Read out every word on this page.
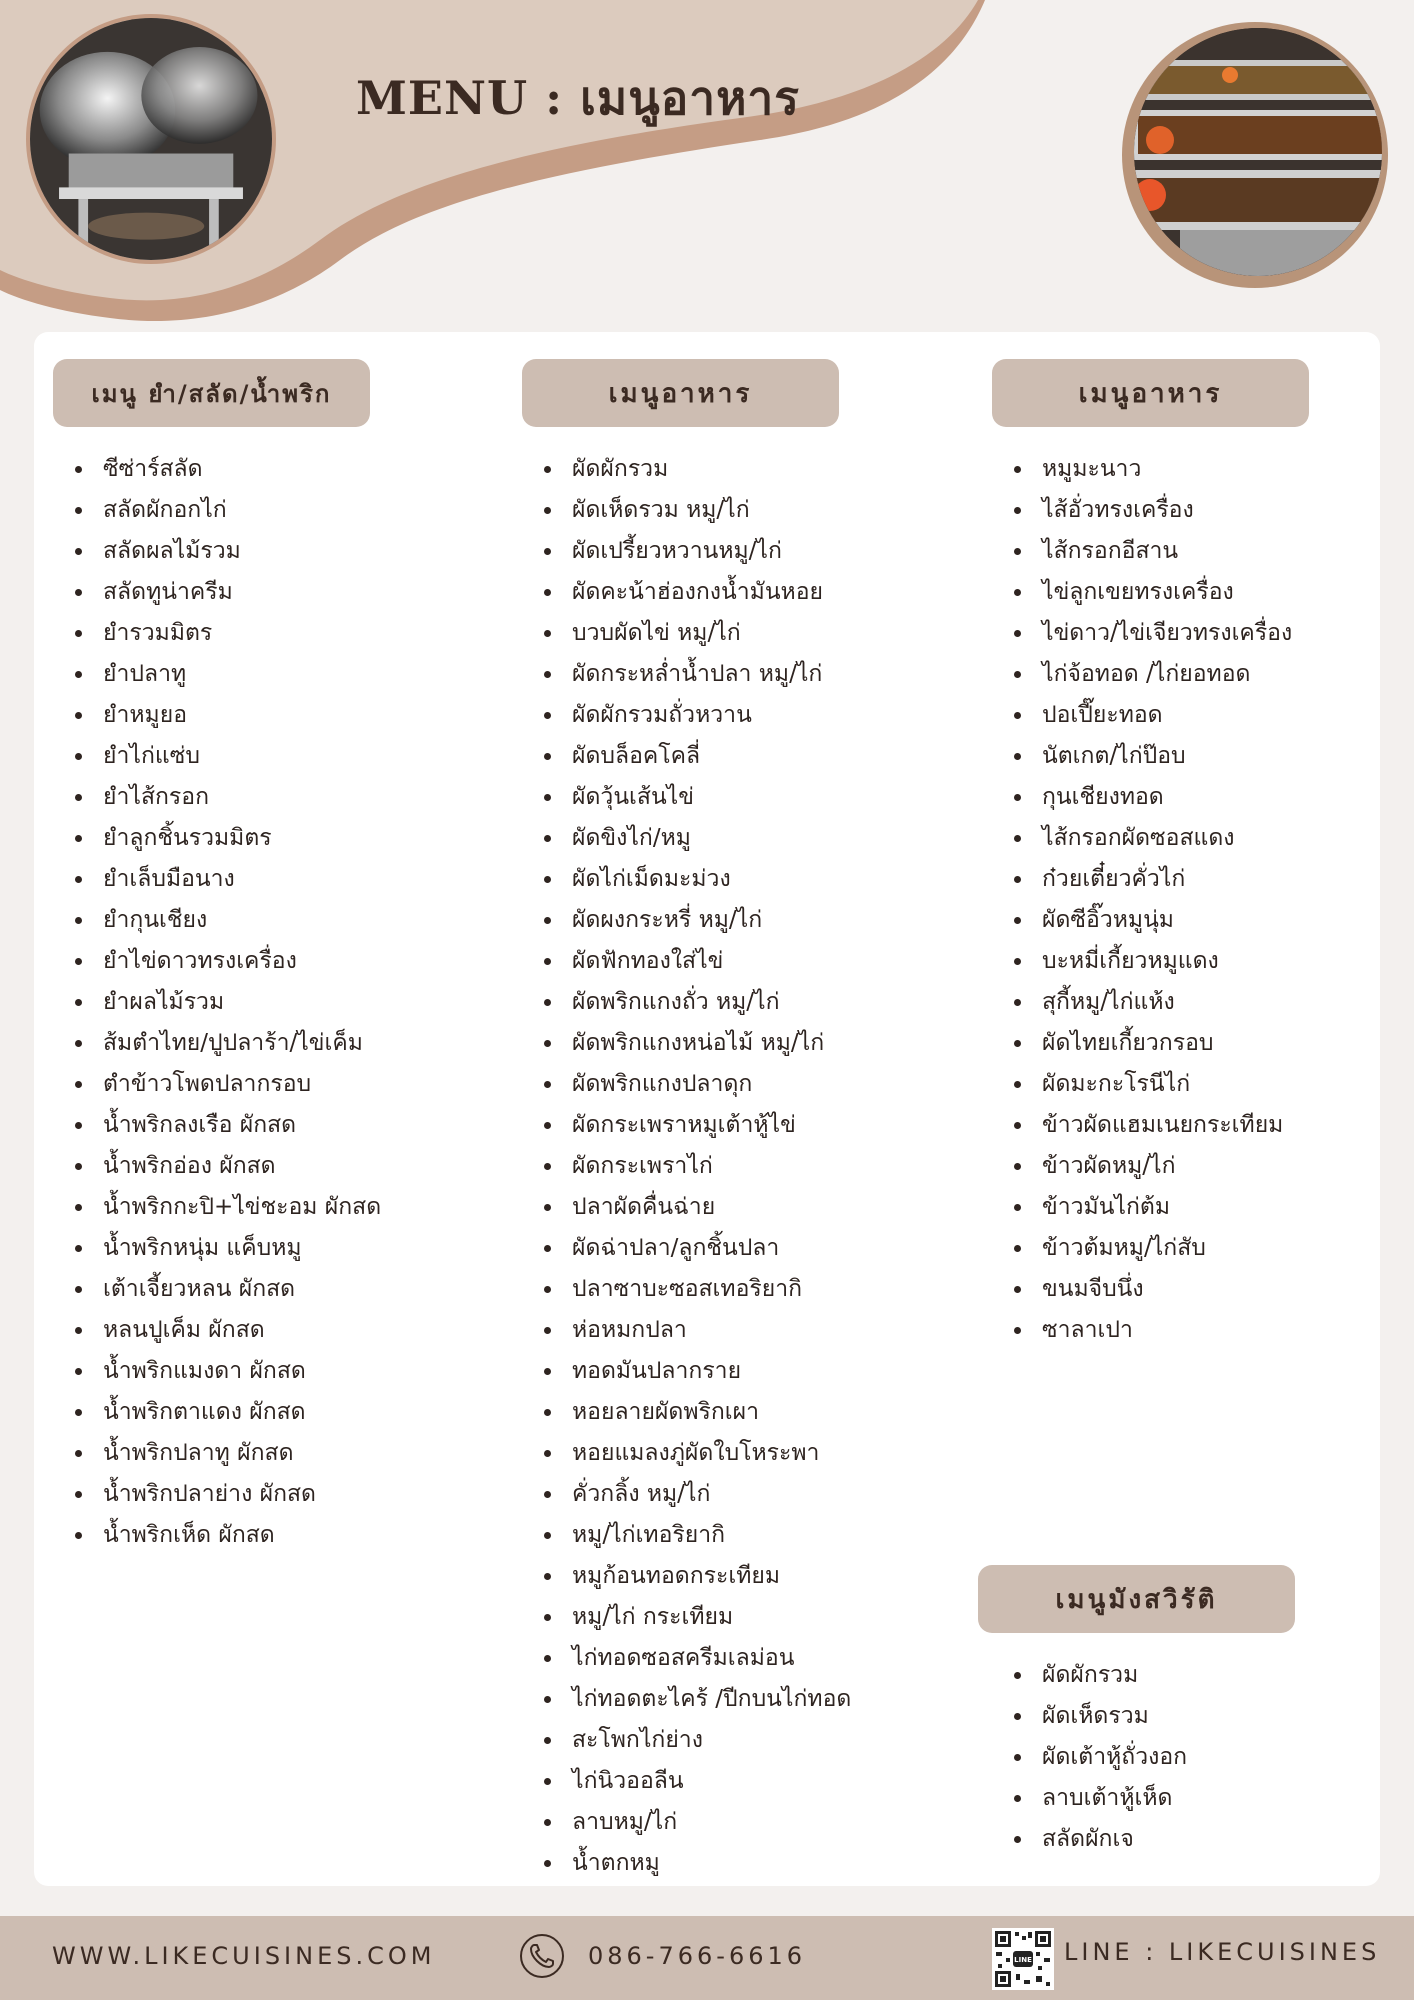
MENU : เมนูอาหาร
เมนู ยำ/สลัด/น้ำพริก
ซีซ่าร์สลัด
สลัดผักอกไก่
สลัดผลไม้รวม
สลัดทูน่าครีม
ยำรวมมิตร
ยำปลาทู
ยำหมูยอ
ยำไก่แซ่บ
ยำไส้กรอก
ยำลูกชิ้นรวมมิตร
ยำเล็บมือนาง
ยำกุนเชียง
ยำไข่ดาวทรงเครื่อง
ยำผลไม้รวม
ส้มตำไทย/ปูปลาร้า/ไข่เค็ม
ตำข้าวโพดปลากรอบ
น้ำพริกลงเรือ ผักสด
น้ำพริกอ่อง ผักสด
น้ำพริกกะปิ+ไข่ชะอม ผักสด
น้ำพริกหนุ่ม แค็บหมู
เต้าเจี้ยวหลน ผักสด
หลนปูเค็ม ผักสด
น้ำพริกแมงดา ผักสด
น้ำพริกตาแดง ผักสด
น้ำพริกปลาทู ผักสด
น้ำพริกปลาย่าง ผักสด
น้ำพริกเห็ด ผักสด
เมนูอาหาร
ผัดผักรวม
ผัดเห็ดรวม หมู/ไก่
ผัดเปรี้ยวหวานหมู/ไก่
ผัดคะน้าฮ่องกงน้ำมันหอย
บวบผัดไข่ หมู/ไก่
ผัดกระหล่ำน้ำปลา หมู/ไก่
ผัดผักรวมถั่วหวาน
ผัดบล็อคโคลี่
ผัดวุ้นเส้นไข่
ผัดขิงไก่/หมู
ผัดไก่เม็ดมะม่วง
ผัดผงกระหรี่ หมู/ไก่
ผัดฟักทองใส่ไข่
ผัดพริกแกงถั่ว หมู/ไก่
ผัดพริกแกงหน่อไม้ หมู/ไก่
ผัดพริกแกงปลาดุก
ผัดกระเพราหมูเต้าหู้ไข่
ผัดกระเพราไก่
ปลาผัดคื่นฉ่าย
ผัดฉ่าปลา/ลูกชิ้นปลา
ปลาซาบะซอสเทอริยากิ
ห่อหมกปลา
ทอดมันปลากราย
หอยลายผัดพริกเผา
หอยแมลงภู่ผัดใบโหระพา
คั่วกลิ้ง หมู/ไก่
หมู/ไก่เทอริยากิ
หมูก้อนทอดกระเทียม
หมู/ไก่ กระเทียม
ไก่ทอดซอสครีมเลม่อน
ไก่ทอดตะไคร้ /ปีกบนไก่ทอด
สะโพกไก่ย่าง
ไก่นิวออลีน
ลาบหมู/ไก่
น้ำตกหมู
เมนูอาหาร
หมูมะนาว
ไส้อั่วทรงเครื่อง
ไส้กรอกอีสาน
ไข่ลูกเขยทรงเครื่อง
ไข่ดาว/ไข่เจียวทรงเครื่อง
ไก่จ้อทอด /ไก่ยอทอด
ปอเปี๊ยะทอด
นัตเกต/ไก่ป๊อบ
กุนเชียงทอด
ไส้กรอกผัดซอสแดง
ก๋วยเตี๋ยวคั่วไก่
ผัดซีอิ๊วหมูนุ่ม
บะหมี่เกี้ยวหมูแดง
สุกี้หมู/ไก่แห้ง
ผัดไทยเกี้ยวกรอบ
ผัดมะกะโรนีไก่
ข้าวผัดแฮมเนยกระเทียม
ข้าวผัดหมู/ไก่
ข้าวมันไก่ต้ม
ข้าวต้มหมู/ไก่สับ
ขนมจีบนึ่ง
ซาลาเปา
เมนูมังสวิรัติ
ผัดผักรวม
ผัดเห็ดรวม
ผัดเต้าหู้ถั่วงอก
ลาบเต้าหู้เห็ด
สลัดผักเจ
WWW.LIKECUISINES.COM	086-766-6616	LINE LINE : LIKECUISINES
